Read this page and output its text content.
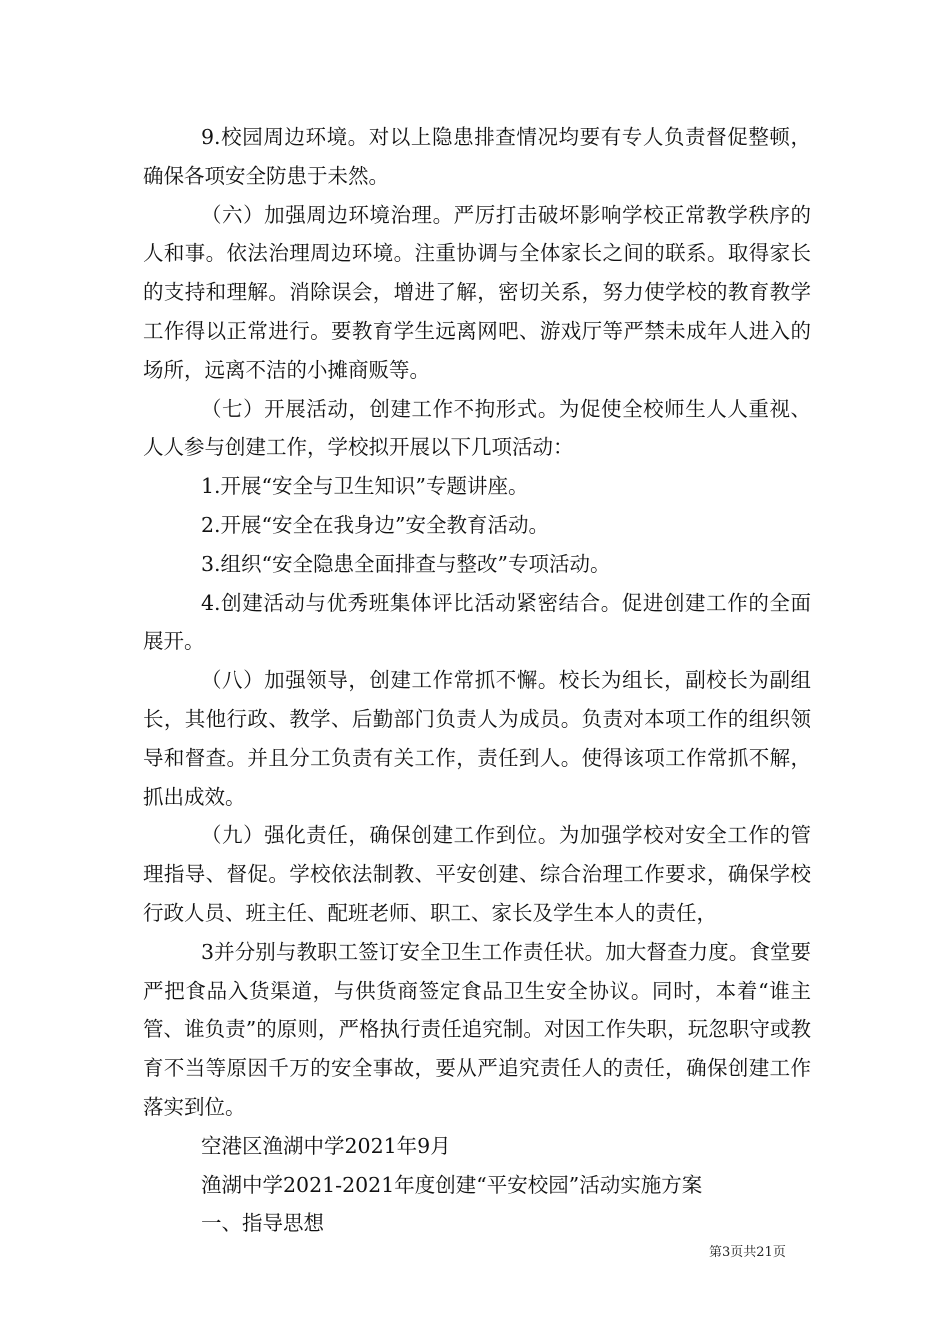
9.校园周边环境。对以上隐患排查情况均要有专人负责督促整顿，确保各项安全防患于未然。

（六）加强周边环境治理。严厉打击破坏影响学校正常教学秩序的人和事。依法治理周边环境。注重协调与全体家长之间的联系。取得家长的支持和理解。消除误会，增进了解，密切关系，努力使学校的教育教学工作得以正常进行。要教育学生远离网吧、游戏厅等严禁未成年人进入的场所，远离不洁的小摊商贩等。

（七）开展活动，创建工作不拘形式。为促使全校师生人人重视、人人参与创建工作，学校拟开展以下几项活动：

1.开展“安全与卫生知识”专题讲座。

2.开展“安全在我身边”安全教育活动。

3.组织“安全隐患全面排查与整改”专项活动。

4.创建活动与优秀班集体评比活动紧密结合。促进创建工作的全面展开。

（八）加强领导，创建工作常抓不懈。校长为组长，副校长为副组长，其他行政、教学、后勤部门负责人为成员。负责对本项工作的组织领导和督查。并且分工负责有关工作，责任到人。使得该项工作常抓不解，抓出成效。

（九）强化责任，确保创建工作到位。为加强学校对安全工作的管理指导、督促。学校依法制教、平安创建、综合治理工作要求，确保学校行政人员、班主任、配班老师、职工、家长及学生本人的责任，

3并分别与教职工签订安全卫生工作责任状。加大督查力度。食堂要严把食品入货渠道，与供货商签定食品卫生安全协议。同时，本着“谁主管、谁负责”的原则，严格执行责任追究制。对因工作失职，玩忽职守或教育不当等原因千万的安全事故，要从严追究责任人的责任，确保创建工作落实到位。

空港区渔湖中学2021年9月

渔湖中学2021-2021年度创建“平安校园”活动实施方案

一、指导思想

第3页共21页
